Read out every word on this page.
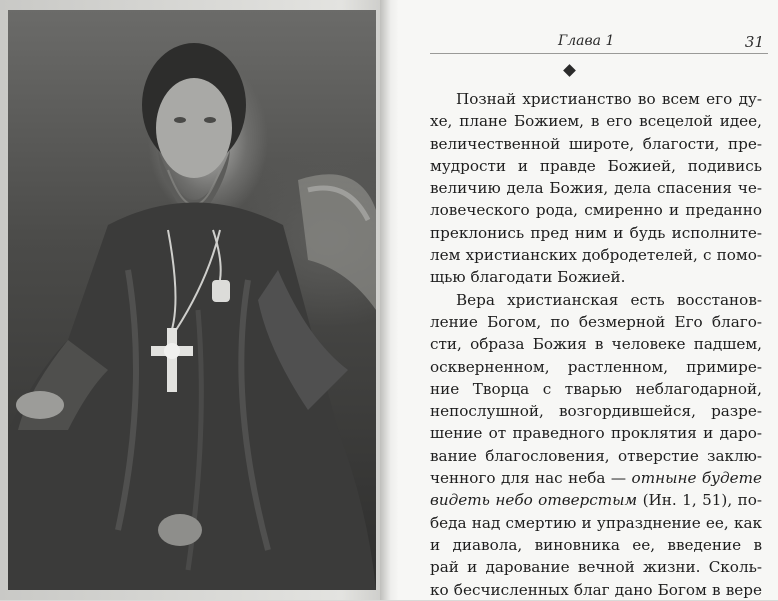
Глава 1	31
Познай христианство во всем его ду-
хе, плане Божием, в его всецелой идее,
величественной широте, благости, пре-
мудрости и правде Божией, подивись
величию дела Божия, дела спасения че-
ловеческого рода, смиренно и преданно
преклонись пред ним и будь исполните-
лем христианских добродетелей, с помо-
щью благодати Божией.
Вера христианская есть восстанов-
ление Богом, по безмерной Его благо-
сти, образа Божия в человеке падшем,
оскверненном, растленном, примире-
ние Творца с тварью неблагодарной,
непослушной, возгордившейся, разре-
шение от праведного проклятия и даро-
вание благословения, отверстие заклю-
ченного для нас неба — отныне будете
видеть небо отверстым (Ин. 1, 51), по-
беда над смертию и упразднение ее, как
и диавола, виновника ее, введение в
рай и дарование вечной жизни. Сколь-
ко бесчисленных благ дано Богом в вере
